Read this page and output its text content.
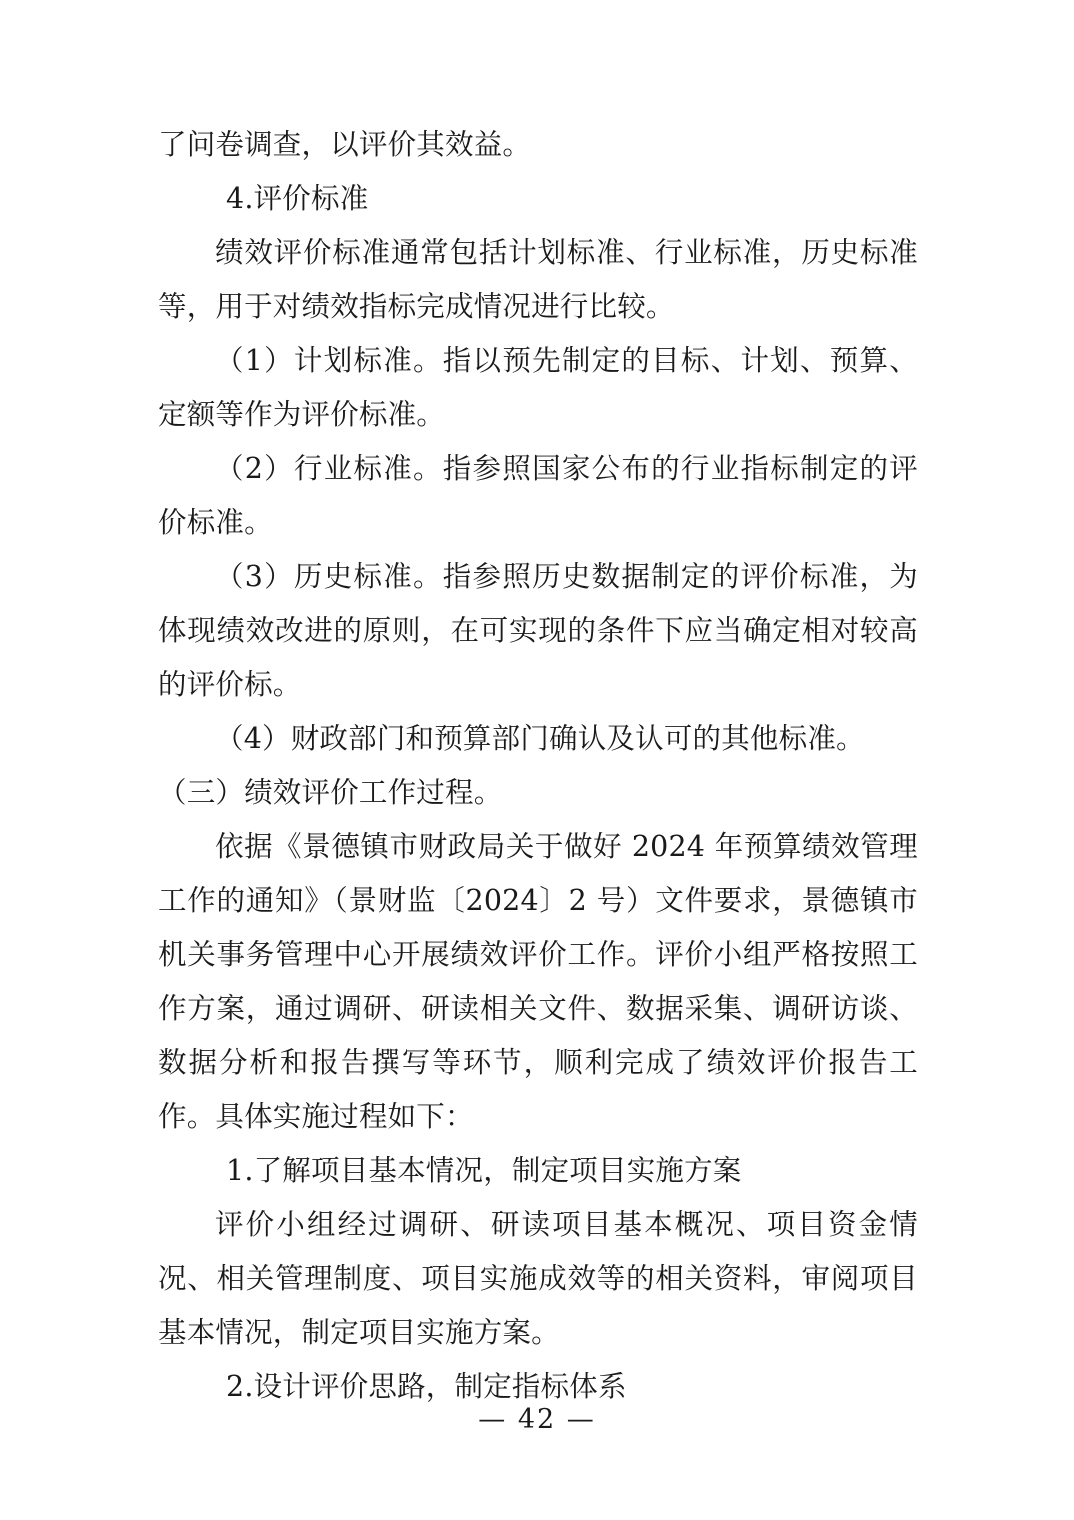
了问卷调查，以评价其效益。

4.评价标准

绩效评价标准通常包括计划标准、行业标准，历史标准等，用于对绩效指标完成情况进行比较。

（1）计划标准。指以预先制定的目标、计划、预算、定额等作为评价标准。

（2）行业标准。指参照国家公布的行业指标制定的评价标准。

（3）历史标准。指参照历史数据制定的评价标准，为体现绩效改进的原则，在可实现的条件下应当确定相对较高的评价标。

（4）财政部门和预算部门确认及认可的其他标准。

（三）绩效评价工作过程。

依据《景德镇市财政局关于做好 2024 年预算绩效管理工作的通知》（景财监〔2024〕2 号）文件要求，景德镇市机关事务管理中心开展绩效评价工作。评价小组严格按照工作方案，通过调研、研读相关文件、数据采集、调研访谈、数据分析和报告撰写等环节，顺利完成了绩效评价报告工作。具体实施过程如下：

1.了解项目基本情况，制定项目实施方案

评价小组经过调研、研读项目基本概况、项目资金情况、相关管理制度、项目实施成效等的相关资料，审阅项目基本情况，制定项目实施方案。

2.设计评价思路，制定指标体系

— 42 —
